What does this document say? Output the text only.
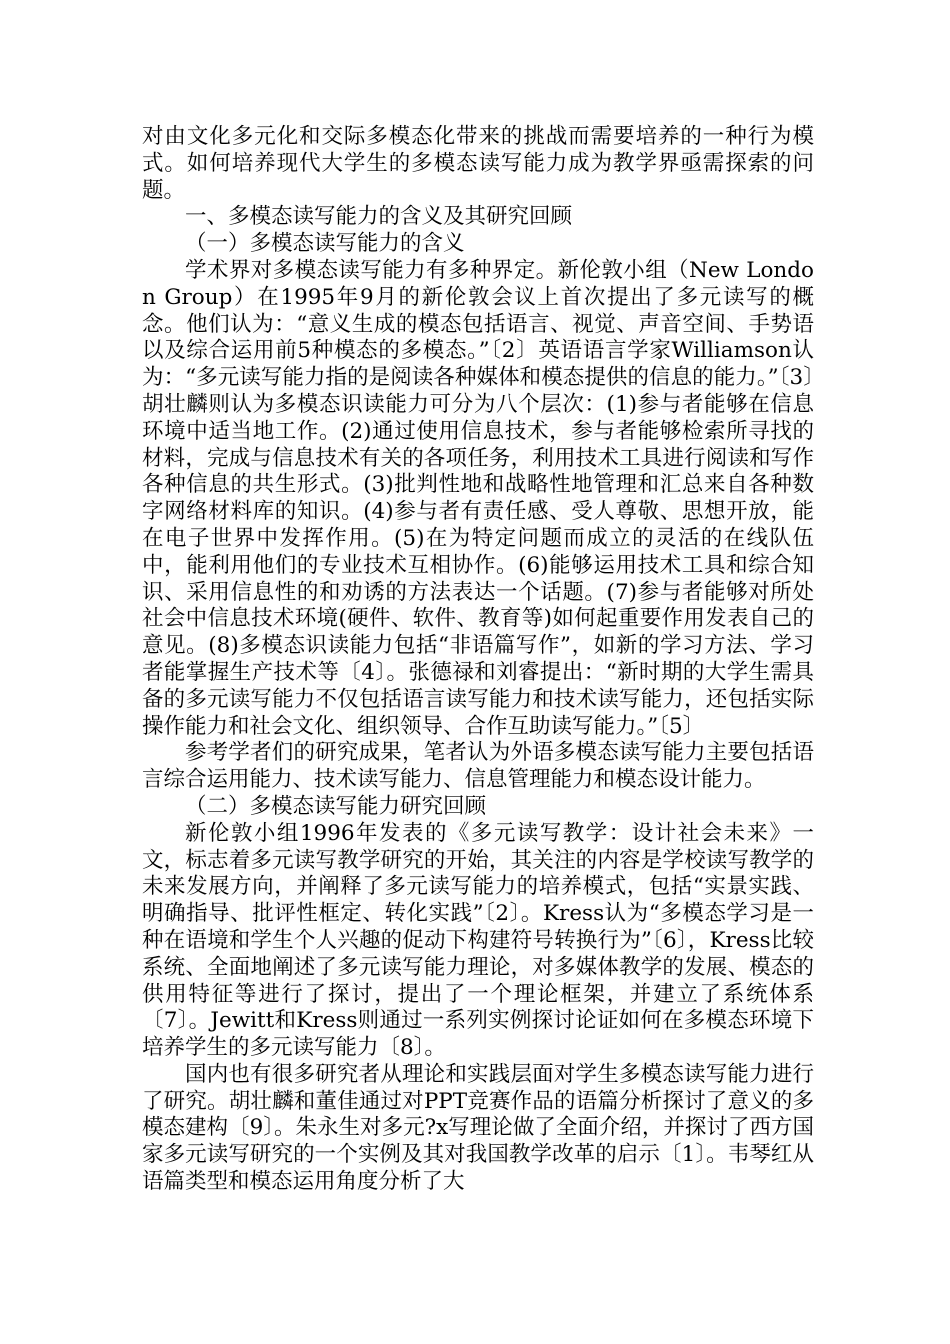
对由文化多元化和交际多模态化带来的挑战而需要培养的一种行为模式。如何培养现代大学生的多模态读写能力成为教学界亟需探索的问题。

一、多模态读写能力的含义及其研究回顾

（一）多模态读写能力的含义

学术界对多模态读写能力有多种界定。新伦敦小组（New London Group）在1995年9月的新伦敦会议上首次提出了多元读写的概念。他们认为：“意义生成的模态包括语言、视觉、声音空间、手势语以及综合运用前5种模态的多模态。”〔2〕英语语言学家Williamson认为：“多元读写能力指的是阅读各种媒体和模态提供的信息的能力。”〔3〕胡壮麟则认为多模态识读能力可分为八个层次：(1)参与者能够在信息环境中适当地工作。(2)通过使用信息技术，参与者能够检索所寻找的材料，完成与信息技术有关的各项任务，利用技术工具进行阅读和写作各种信息的共生形式。(3)批判性地和战略性地管理和汇总来自各种数字网络材料库的知识。(4)参与者有责任感、受人尊敬、思想开放，能在电子世界中发挥作用。(5)在为特定问题而成立的灵活的在线队伍中，能利用他们的专业技术互相协作。(6)能够运用技术工具和综合知识、采用信息性的和劝诱的方法表达一个话题。(7)参与者能够对所处社会中信息技术环境(硬件、软件、教育等)如何起重要作用发表自己的意见。(8)多模态识读能力包括“非语篇写作”，如新的学习方法、学习者能掌握生产技术等〔4〕。张德禄和刘睿提出：“新时期的大学生需具备的多元读写能力不仅包括语言读写能力和技术读写能力，还包括实际操作能力和社会文化、组织领导、合作互助读写能力。”〔5〕

参考学者们的研究成果，笔者认为外语多模态读写能力主要包括语言综合运用能力、技术读写能力、信息管理能力和模态设计能力。

（二）多模态读写能力研究回顾

新伦敦小组1996年发表的《多元读写教学：设计社会未来》一文，标志着多元读写教学研究的开始，其关注的内容是学校读写教学的未来发展方向，并阐释了多元读写能力的培养模式，包括“实景实践、明确指导、批评性框定、转化实践”〔2〕。Kress认为“多模态学习是一种在语境和学生个人兴趣的促动下构建符号转换行为”〔6〕，Kress比较系统、全面地阐述了多元读写能力理论，对多媒体教学的发展、模态的供用特征等进行了探讨，提出了一个理论框架，并建立了系统体系〔7〕。Jewitt和Kress则通过一系列实例探讨论证如何在多模态环境下培养学生的多元读写能力〔8〕。

国内也有很多研究者从理论和实践层面对学生多模态读写能力进行了研究。胡壮麟和董佳通过对PPT竞赛作品的语篇分析探讨了意义的多模态建构〔9〕。朱永生对多元?x写理论做了全面介绍，并探讨了西方国家多元读写研究的一个实例及其对我国教学改革的启示〔1〕。韦琴红从语篇类型和模态运用角度分析了大
